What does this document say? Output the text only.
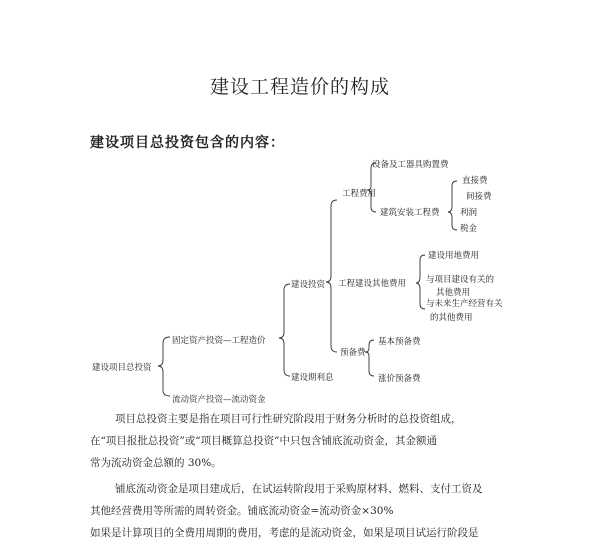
建设工程造价的构成
建设项目总投资包含的内容：
建设项目总投资
固定资产投资—工程造价
流动资产投资—流动资金
建设投资
建设期利息
工程费用
设备及工器具购置费
建筑安装工程费
直接费
间接费
利润
税金
工程建设其他费用
建设用地费用
与项目建设有关的
其他费用
与未来生产经营有关
的其他费用
预备费
基本预备费
涨价预备费

项目总投资主要是指在项目可行性研究阶段用于财务分析时的总投资组成，
在“项目报批总投资”或“项目概算总投资”中只包含铺底流动资金，其金额通
常为流动资金总额的 30%。

铺底流动资金是项目建成后，在试运转阶段用于采购原材料、燃料、支付工资及
其他经营费用等所需的周转资金。铺底流动资金=流动资金×30%

如果是计算项目的全费用周期的费用，考虑的是流动资金，如果是项目试运行阶段是
